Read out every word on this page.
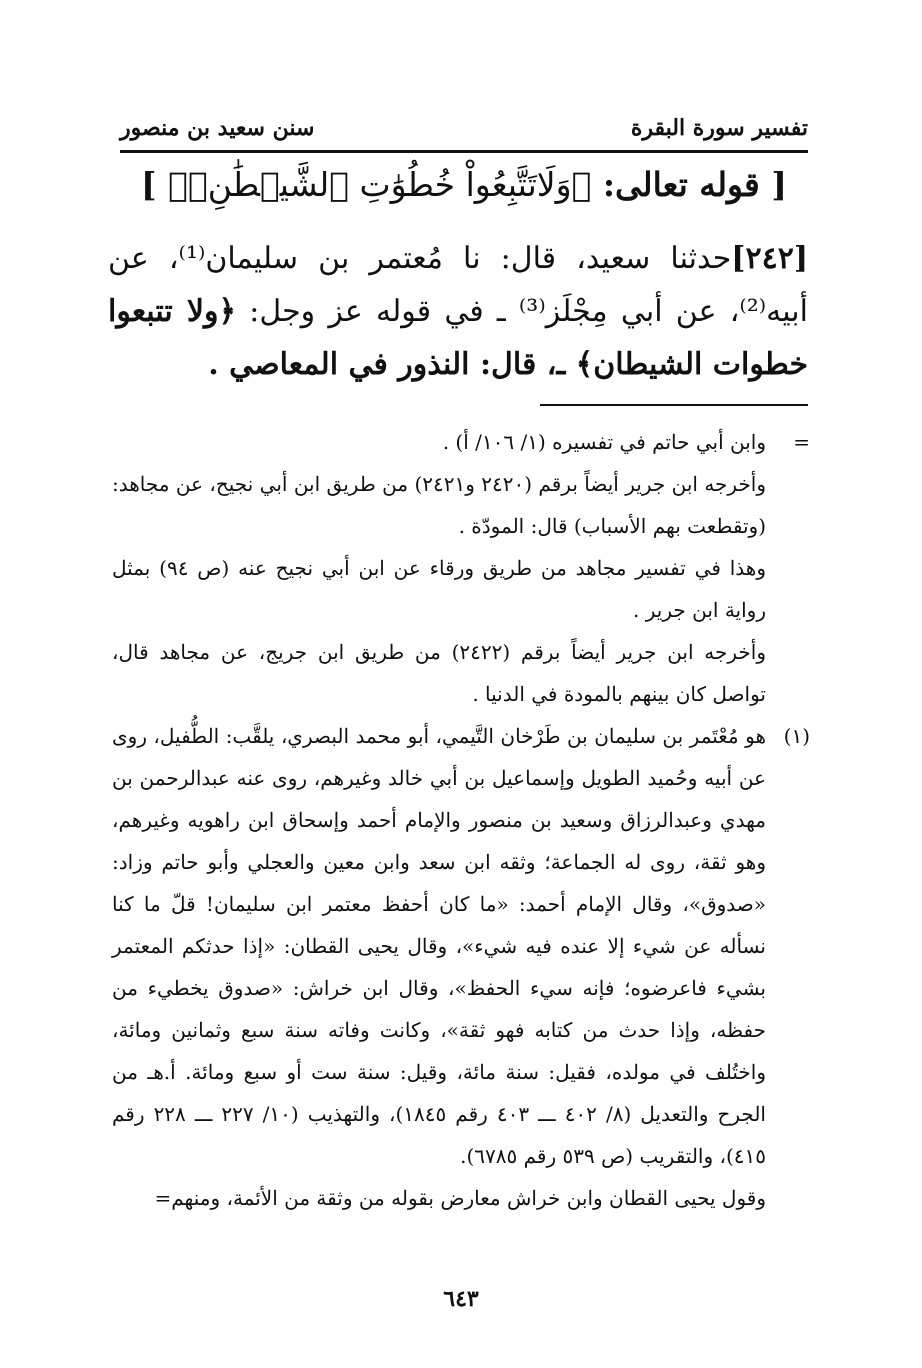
تفسير سورة البقرة
سنن سعيد بن منصور
[ قوله تعالى: ﴿وَلَاتَتَّبِعُواْ خُطُوَٰتِ ٱلشَّيۡطَٰنِۚ﴾ ]

[٢٤٢]حدثنا سعيد، قال: نا مُعتمر بن سليمان⁽¹⁾، عن أبيه⁽²⁾، عن أبي مِجْلَز⁽³⁾ ـ في قوله عز وجل: ﴿ولا تتبعوا خطوات الشيطان﴾ ـ، قال: النذور في المعاصي .

=
وابن أبي حاتم في تفسيره (١/ ١٠٦/ أ) .
وأخرجه ابن جرير أيضاً برقم (٢٤٢٠ و٢٤٢١) من طريق ابن أبي نجيح، عن مجاهد: (وتقطعت بهم الأسباب) قال: المودّة .
وهذا في تفسير مجاهد من طريق ورقاء عن ابن أبي نجيح عنه (ص ٩٤) بمثل رواية ابن جرير .
وأخرجه ابن جرير أيضاً برقم (٢٤٢٢) من طريق ابن جريج، عن مجاهد قال، تواصل كان بينهم بالمودة في الدنيا .
(١)
هو مُعْتَمر بن سليمان بن طَرْخان التَّيمي، أبو محمد البصري، يلقَّب: الطُّفيل، روى عن أبيه وحُميد الطويل وإسماعيل بن أبي خالد وغيرهم، روى عنه عبدالرحمن بن مهدي وعبدالرزاق وسعيد بن منصور والإمام أحمد وإسحاق ابن راهويه وغيرهم، وهو ثقة، روى له الجماعة؛ وثقه ابن سعد وابن معين والعجلي وأبو حاتم وزاد: «صدوق»، وقال الإمام أحمد: «ما كان أحفظ معتمر ابن سليمان! قلّ ما كنا نسأله عن شيء إلا عنده فيه شيء»، وقال يحيى القطان: «إذا حدثكم المعتمر بشيء فاعرضوه؛ فإنه سيء الحفظ»، وقال ابن خراش: «صدوق يخطيء من حفظه، وإذا حدث من كتابه فهو ثقة»، وكانت وفاته سنة سبع وثمانين ومائة، واختُلف في مولده، فقيل: سنة مائة، وقيل: سنة ست أو سبع ومائة. أ.هـ من الجرح والتعديل (٨/ ٤٠٢ ـــ ٤٠٣ رقم ١٨٤٥)، والتهذيب (١٠/ ٢٢٧ ـــ ٢٢٨ رقم ٤١٥)، والتقريب (ص ٥٣٩ رقم ٦٧٨٥).
وقول يحيى القطان وابن خراش معارض بقوله من وثقة من الأئمة، ومنهم=
٦٤٣
